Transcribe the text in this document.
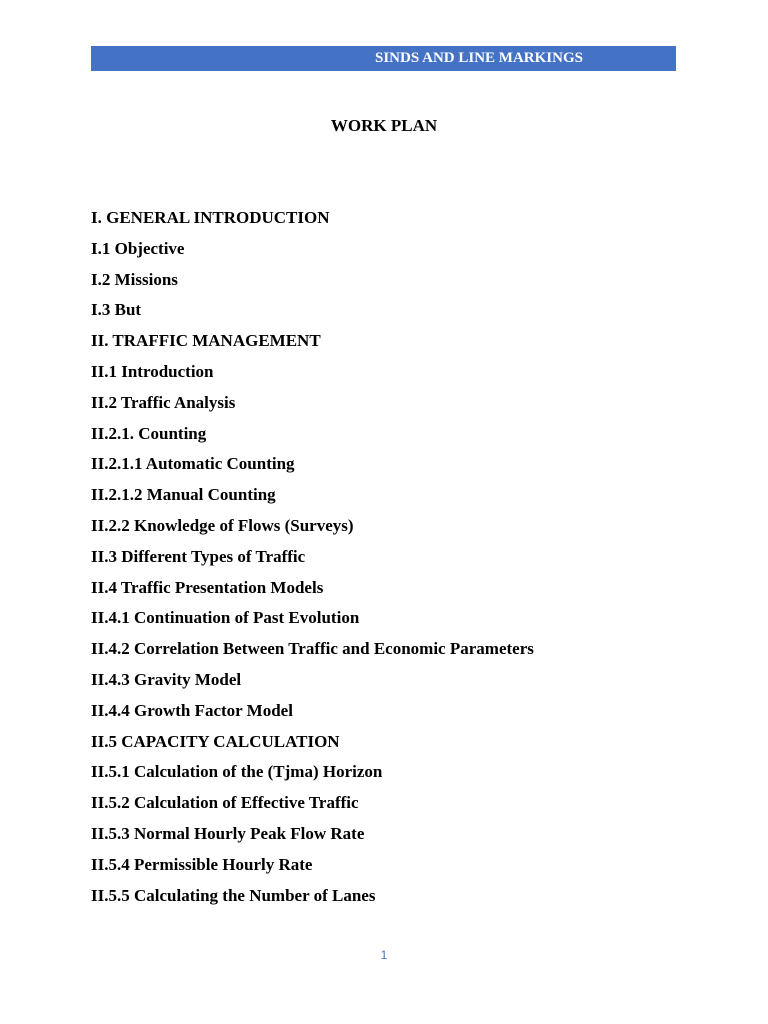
SINDS AND LINE MARKINGS
WORK PLAN
I. GENERAL INTRODUCTION
I.1 Objective
I.2 Missions
I.3 But
II. TRAFFIC MANAGEMENT
II.1 Introduction
II.2 Traffic Analysis
II.2.1. Counting
II.2.1.1 Automatic Counting
II.2.1.2 Manual Counting
II.2.2 Knowledge of Flows (Surveys)
II.3 Different Types of Traffic
II.4 Traffic Presentation Models
II.4.1 Continuation of Past Evolution
II.4.2 Correlation Between Traffic and Economic Parameters
II.4.3 Gravity Model
II.4.4 Growth Factor Model
II.5 CAPACITY CALCULATION
II.5.1 Calculation of the (Tjma) Horizon
II.5.2 Calculation of Effective Traffic
II.5.3 Normal Hourly Peak Flow Rate
II.5.4 Permissible Hourly Rate
II.5.5 Calculating the Number of Lanes
1
